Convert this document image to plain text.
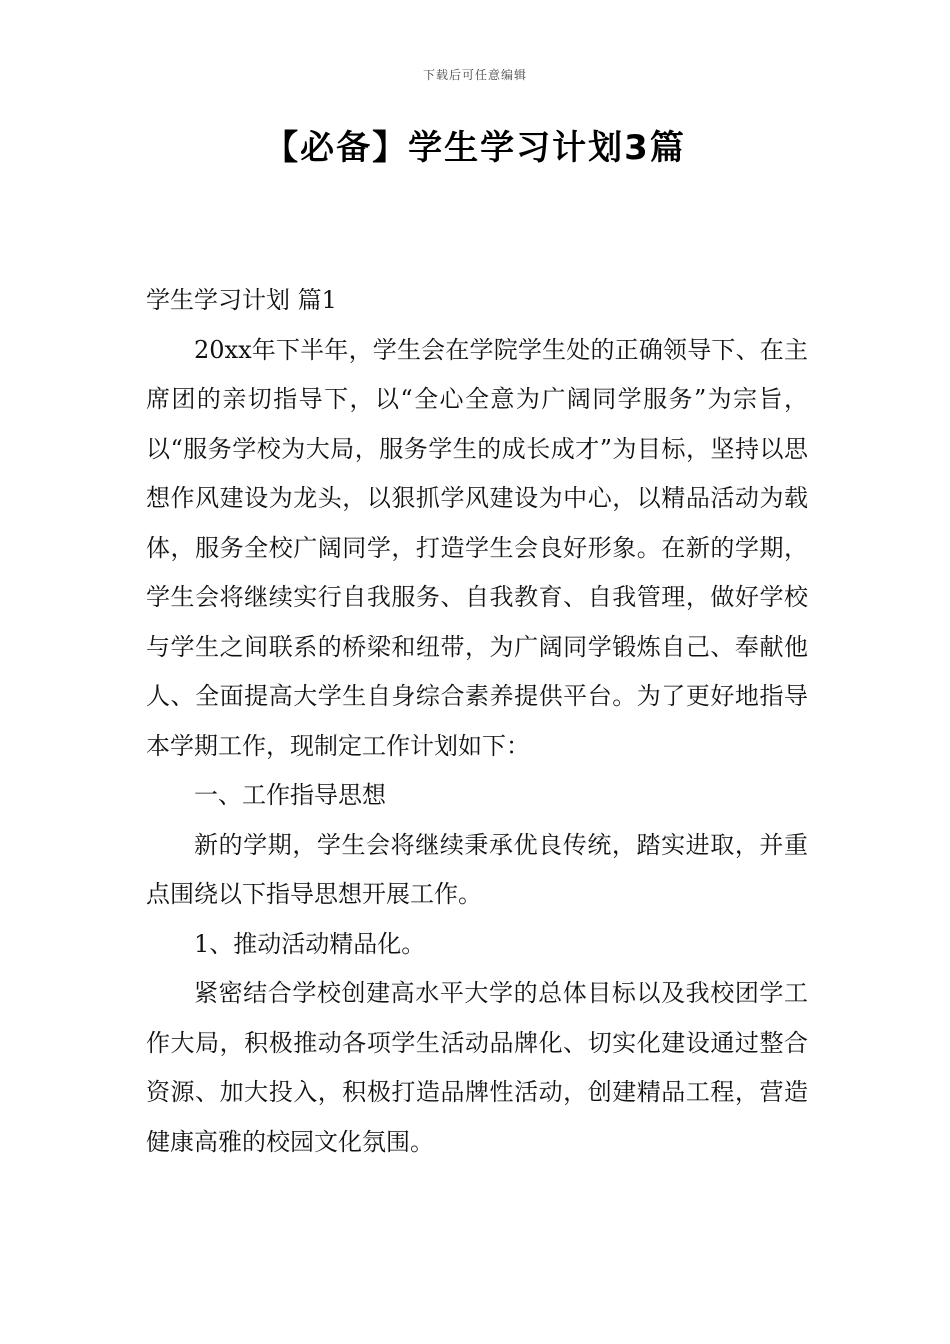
下载后可任意编辑
【必备】学生学习计划3篇

学生学习计划 篇1

20xx年下半年，学生会在学院学生处的正确领导下、在主席团的亲切指导下，以“全心全意为广阔同学服务”为宗旨，以“服务学校为大局，服务学生的成长成才”为目标，坚持以思想作风建设为龙头，以狠抓学风建设为中心，以精品活动为载体，服务全校广阔同学，打造学生会良好形象。在新的学期，学生会将继续实行自我服务、自我教育、自我管理，做好学校与学生之间联系的桥梁和纽带，为广阔同学锻炼自己、奉献他人、全面提高大学生自身综合素养提供平台。为了更好地指导本学期工作，现制定工作计划如下：

一、工作指导思想

新的学期，学生会将继续秉承优良传统，踏实进取，并重点围绕以下指导思想开展工作。

1、推动活动精品化。

紧密结合学校创建高水平大学的总体目标以及我校团学工作大局，积极推动各项学生活动品牌化、切实化建设通过整合资源、加大投入，积极打造品牌性活动，创建精品工程，营造健康高雅的校园文化氛围。
